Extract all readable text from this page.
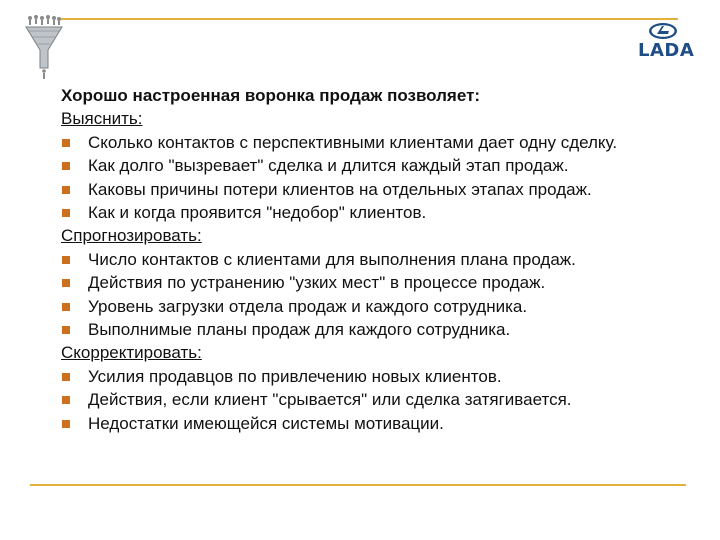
LADA
Хорошо настроенная воронка продаж позволяет:
Выяснить:
Сколько контактов с перспективными клиентами дает одну сделку.
Как долго "вызревает" сделка и длится каждый этап продаж.
Каковы причины потери клиентов на отдельных этапах продаж.
Как и когда проявится "недобор" клиентов.
Спрогнозировать:
Число контактов с клиентами для выполнения плана продаж.
Действия по устранению "узких мест" в процессе продаж.
Уровень загрузки отдела продаж и каждого сотрудника.
Выполнимые планы продаж для каждого сотрудника.
Скорректировать:
Усилия продавцов по привлечению новых клиентов.
Действия, если клиент "срывается" или сделка затягивается.
Недостатки имеющейся системы мотивации.
